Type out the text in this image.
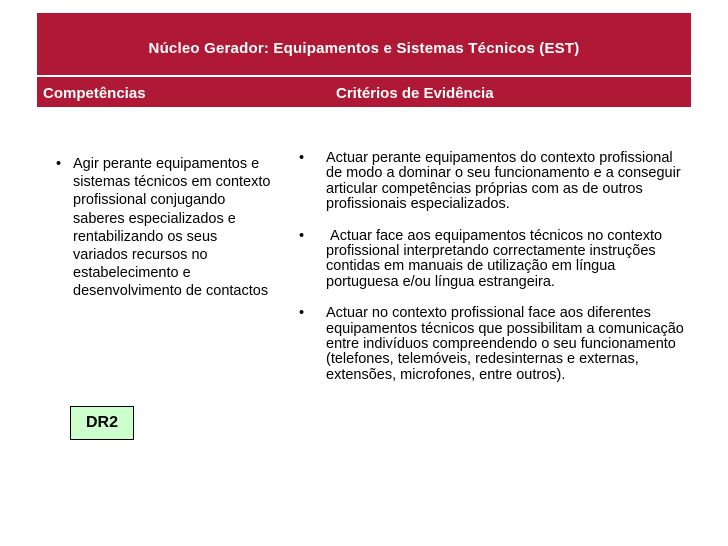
Núcleo Gerador: Equipamentos e Sistemas Técnicos (EST)
Competências	Critérios de Evidência
• Agir perante equipamentos e sistemas técnicos em contexto profissional conjugando saberes especializados e rentabilizando os seus variados recursos no estabelecimento e desenvolvimento de contactos
• Actuar perante equipamentos do contexto profissional de modo a dominar o seu funcionamento e a conseguir articular competências próprias com as de outros profissionais especializados.
• Actuar face aos equipamentos técnicos no contexto profissional interpretando correctamente instruções contidas em manuais de utilização em língua portuguesa e/ou língua estrangeira.
• Actuar no contexto profissional face aos diferentes equipamentos técnicos que possibilitam a comunicação entre indivíduos compreendendo o seu funcionamento (telefones, telemóveis, redesinternas e externas, extensões, microfones, entre outros).
DR2
